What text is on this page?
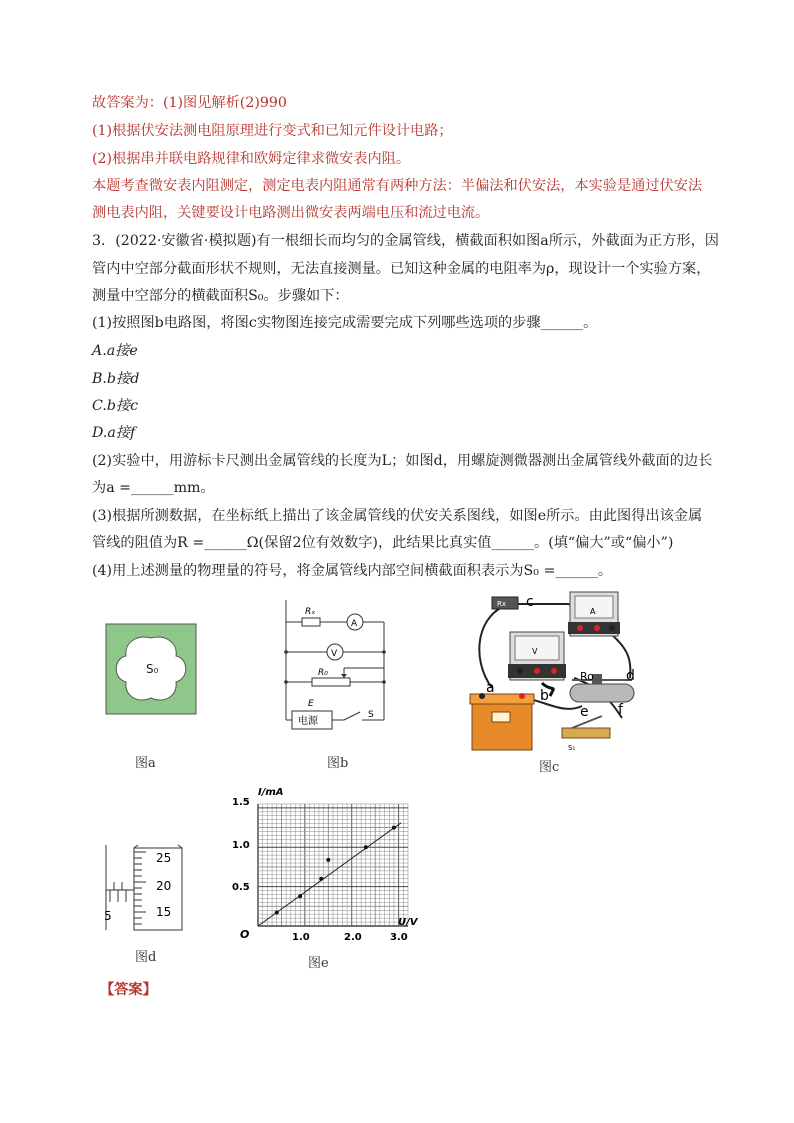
故答案为：(1)图见解析(2)990
(1)根据伏安法测电阻原理进行变式和已知元件设计电路；
(2)根据串并联电路规律和欧姆定律求微安表内阻。
本题考查微安表内阻测定，测定电表内阻通常有两种方法：半偏法和伏安法，本实验是通过伏安法
测电表内阻，关键要设计电路测出微安表两端电压和流过电流。
3．(2022·安徽省·模拟题)有一根细长而均匀的金属管线，横截面积如图a所示，外截面为正方形，因
管内中空部分截面形状不规则，无法直接测量。已知这种金属的电阻率为ρ，现设计一个实验方案，
测量中空部分的横截面积S₀。步骤如下：
(1)按照图b电路图，将图c实物图连接完成需要完成下列哪些选项的步骤______。
A.a接e
B.b接d
C.b接c
D.a接f
(2)实验中，用游标卡尺测出金属管线的长度为L；如图d，用螺旋测微器测出金属管线外截面的边长
为a =______mm。
(3)根据所测数据，在坐标纸上描出了该金属管线的伏安关系图线，如图e所示。由此图得出该金属
管线的阻值为R =______Ω(保留2位有效数字)，此结果比真实值______。(填“偏大”或“偏小”)
(4)用上述测量的物理量的符号，将金属管线内部空间横截面积表示为S₀ =______。
S₀
图a
Rₓ
A
V
R₀
E
电源
S
图b
Rx
A
V
Ro
S₁
a	b
c
d
e f
图c
25
20
15
5
图d
I/mA
U/V
O
1.5
1.0
0.5
1.0	2.0	3.0
图e
【答案】
